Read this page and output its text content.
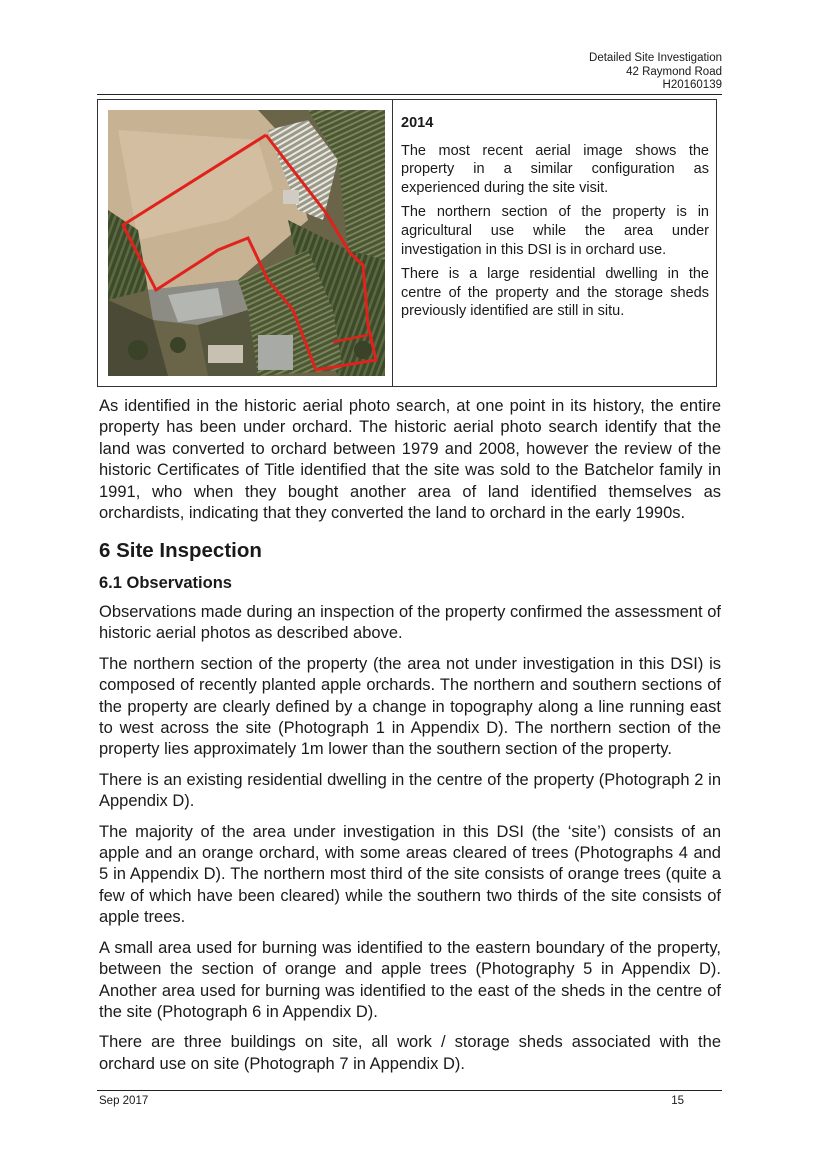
Detailed Site Investigation
42 Raymond Road
H20160139
2014

The most recent aerial image shows the property in a similar configuration as experienced during the site visit.

The northern section of the property is in agricultural use while the area under investigation in this DSI is in orchard use.

There is a large residential dwelling in the centre of the property and the storage sheds previously identified are still in situ.

As identified in the historic aerial photo search, at one point in its history, the entire property has been under orchard. The historic aerial photo search identify that the land was converted to orchard between 1979 and 2008, however the review of the historic Certificates of Title identified that the site was sold to the Batchelor family in 1991, who when they bought another area of land identified themselves as orchardists, indicating that they converted the land to orchard in the early 1990s.

6 Site Inspection
6.1 Observations

Observations made during an inspection of the property confirmed the assessment of historic aerial photos as described above.

The northern section of the property (the area not under investigation in this DSI) is composed of recently planted apple orchards. The northern and southern sections of the property are clearly defined by a change in topography along a line running east to west across the site (Photograph 1 in Appendix D). The northern section of the property lies approximately 1m lower than the southern section of the property.

There is an existing residential dwelling in the centre of the property (Photograph 2 in Appendix D).

The majority of the area under investigation in this DSI (the ‘site’) consists of an apple and an orange orchard, with some areas cleared of trees (Photographs 4 and 5 in Appendix D). The northern most third of the site consists of orange trees (quite a few of which have been cleared) while the southern two thirds of the site consists of apple trees.

A small area used for burning was identified to the eastern boundary of the property, between the section of orange and apple trees (Photography 5 in Appendix D). Another area used for burning was identified to the east of the sheds in the centre of the site (Photograph 6 in Appendix D).

There are three buildings on site, all work / storage sheds associated with the orchard use on site (Photograph 7 in Appendix D).

Sep 2017	15
